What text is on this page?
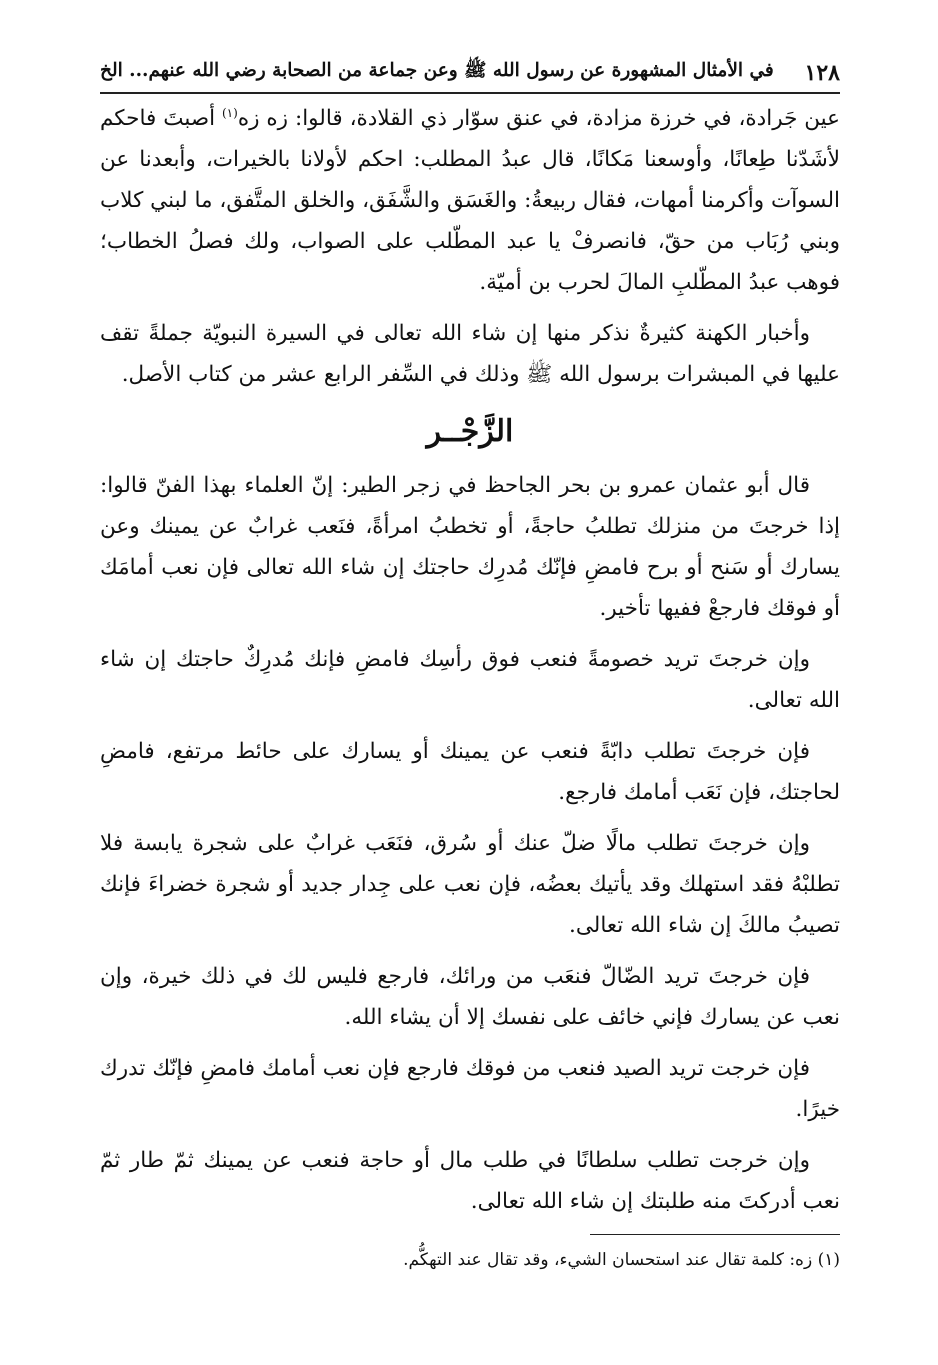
١٢٨
في الأمثال المشهورة عن رسول الله ﷺ وعن جماعة من الصحابة رضي الله عنهم... الخ

عين جَرادة، في خرزة مزادة، في عنق سوّار ذي القلادة، قالوا: زه زه$^{(١)}$ أصبتَ فاحكم لأشَدّنا طِعانًا، وأوسعنا مَكانًا، قال عبدُ المطلب: احكم لأولانا بالخيرات، وأبعدنا عن السوآت وأكرمنا أمهات، فقال ربيعةُ: والغَسَق والشَّفَق، والخلق المتَّفق، ما لبني كلاب وبني رُبَاب من حقّ، فانصرفْ يا عبد المطّلب على الصواب، ولك فصلُ الخطاب؛ فوهب عبدُ المطّلبِ المالَ لحرب بن أميّة.

وأخبار الكهنة كثيرةٌ نذكر منها إن شاء الله تعالى في السيرة النبويّة جملةً تقف عليها في المبشرات برسول الله ﷺ وذلك في السِّفر الرابع عشر من كتاب الأصل.

الزَّجْــر

قال أبو عثمان عمرو بن بحر الجاحظ في زجر الطير: إنّ العلماء بهذا الفنّ قالوا: إذا خرجتَ من منزلك تطلبُ حاجةً، أو تخطبُ امرأةً، فنَعب غرابٌ عن يمينك وعن يسارك أو سَنح أو برح فامضِ فإنّك مُدرِك حاجتك إن شاء الله تعالى فإن نعب أمامَك أو فوقك فارجعْ ففيها تأخير.

وإن خرجتَ تريد خصومةً فنعب فوق رأسِك فامضِ فإنك مُدرِكٌ حاجتك إن شاء الله تعالى.

فإن خرجتَ تطلب دابّةً فنعب عن يمينك أو يسارك على حائط مرتفع، فامضِ لحاجتك، فإن نَعَب أمامك فارجع.

وإن خرجتَ تطلب مالًا ضلّ عنك أو سُرق، فنَعَب غرابٌ على شجرة يابسة فلا تطلبْهُ فقد استهلك وقد يأتيك بعضُه، فإن نعب على جِدار جديد أو شجرة خضراءَ فإنك تصيبُ مالكَ إن شاء الله تعالى.

فإن خرجتَ تريد الضّالّ فنعَب من ورائك، فارجع فليس لك في ذلك خيرة، وإن نعب عن يسارك فإني خائف على نفسك إلا أن يشاء الله.

فإن خرجت تريد الصيد فنعب من فوقك فارجع فإن نعب أمامك فامضِ فإنّك تدرك خيرًا.

وإن خرجت تطلب سلطانًا في طلب مال أو حاجة فنعب عن يمينك ثمّ طار ثمّ نعب أدركتَ منه طلبتك إن شاء الله تعالى.

(١) زه: كلمة تقال عند استحسان الشيء، وقد تقال عند التهكُّم.
